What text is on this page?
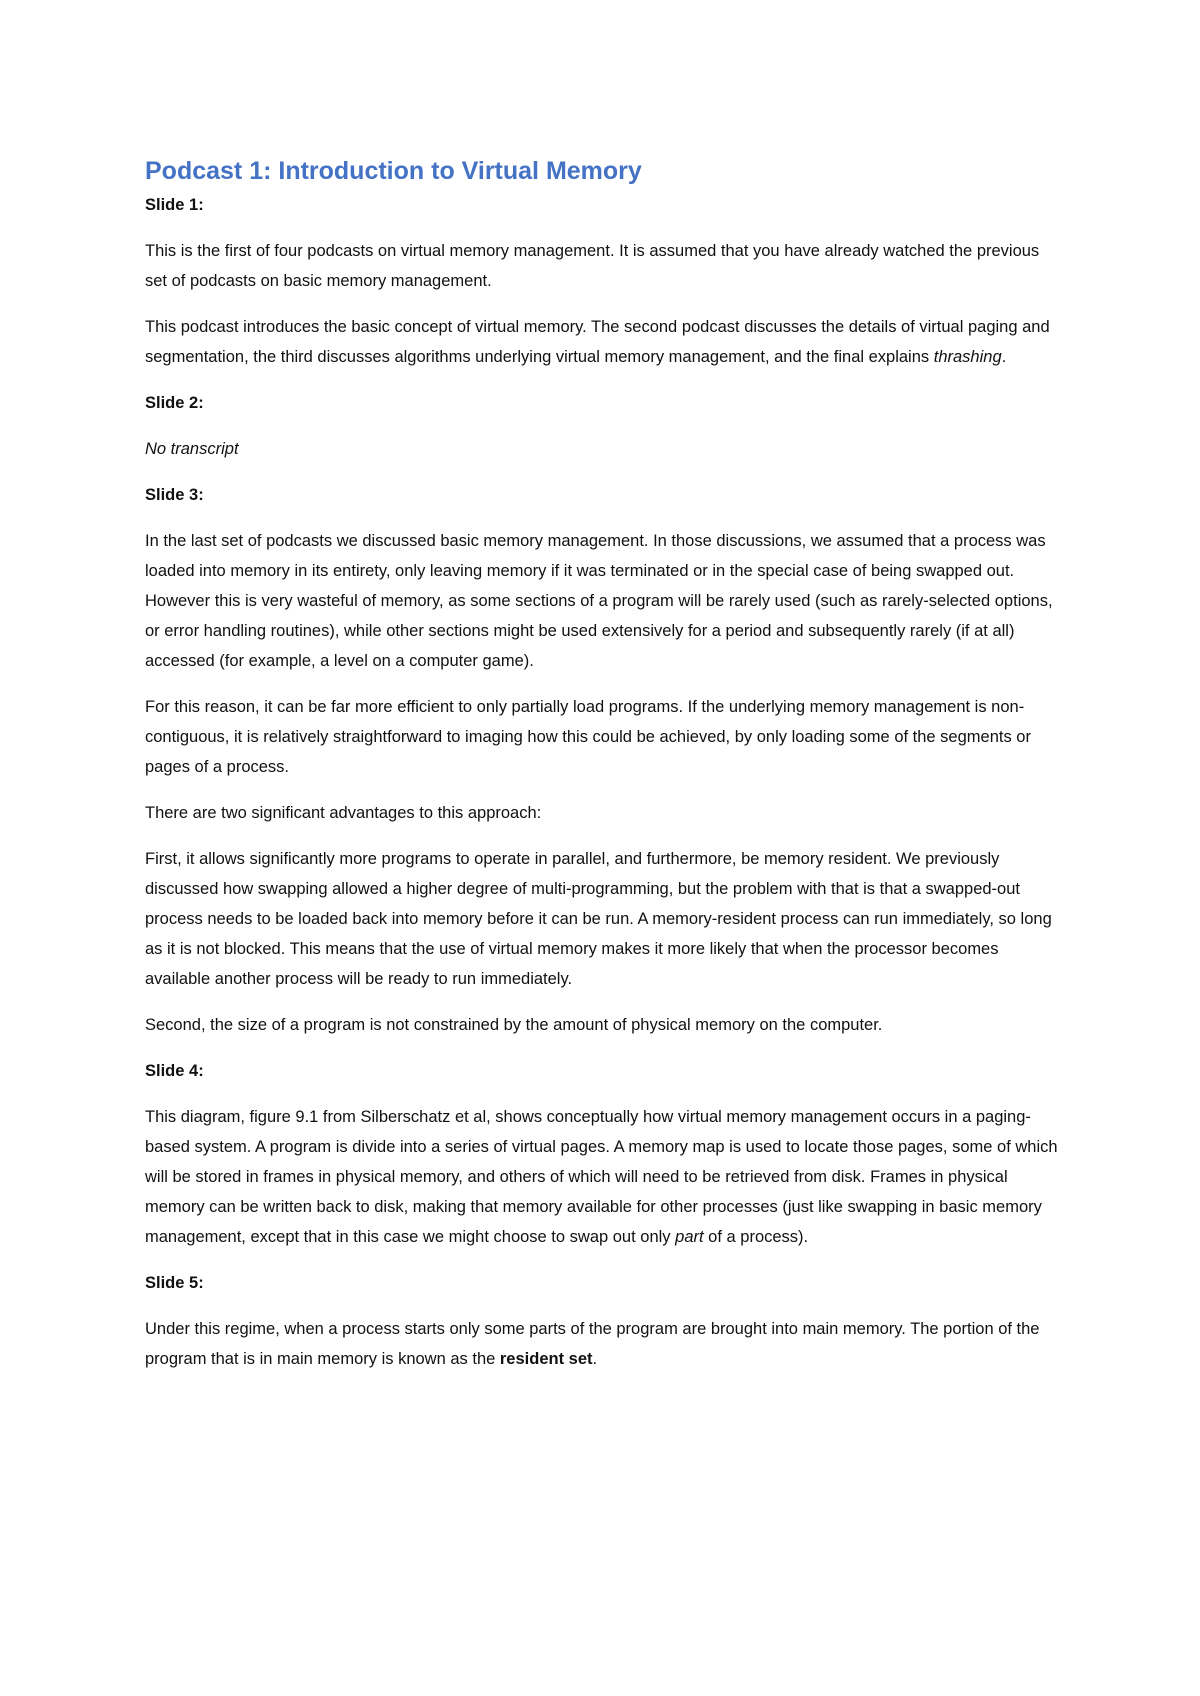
Podcast 1: Introduction to Virtual Memory
Slide 1:

This is the first of four podcasts on virtual memory management. It is assumed that you have already watched the previous set of podcasts on basic memory management.

This podcast introduces the basic concept of virtual memory. The second podcast discusses the details of virtual paging and segmentation, the third discusses algorithms underlying virtual memory management, and the final explains thrashing.

Slide 2:

No transcript

Slide 3:

In the last set of podcasts we discussed basic memory management. In those discussions, we assumed that a process was loaded into memory in its entirety, only leaving memory if it was terminated or in the special case of being swapped out. However this is very wasteful of memory, as some sections of a program will be rarely used (such as rarely-selected options, or error handling routines), while other sections might be used extensively for a period and subsequently rarely (if at all) accessed (for example, a level on a computer game).

For this reason, it can be far more efficient to only partially load programs. If the underlying memory management is non-contiguous, it is relatively straightforward to imaging how this could be achieved, by only loading some of the segments or pages of a process.

There are two significant advantages to this approach:

First, it allows significantly more programs to operate in parallel, and furthermore, be memory resident. We previously discussed how swapping allowed a higher degree of multi-programming, but the problem with that is that a swapped-out process needs to be loaded back into memory before it can be run. A memory-resident process can run immediately, so long as it is not blocked. This means that the use of virtual memory makes it more likely that when the processor becomes available another process will be ready to run immediately.

Second, the size of a program is not constrained by the amount of physical memory on the computer.

Slide 4:

This diagram, figure 9.1 from Silberschatz et al, shows conceptually how virtual memory management occurs in a paging-based system. A program is divide into a series of virtual pages. A memory map is used to locate those pages, some of which will be stored in frames in physical memory, and others of which will need to be retrieved from disk. Frames in physical memory can be written back to disk, making that memory available for other processes (just like swapping in basic memory management, except that in this case we might choose to swap out only part of a process).

Slide 5:

Under this regime, when a process starts only some parts of the program are brought into main memory. The portion of the program that is in main memory is known as the resident set.
